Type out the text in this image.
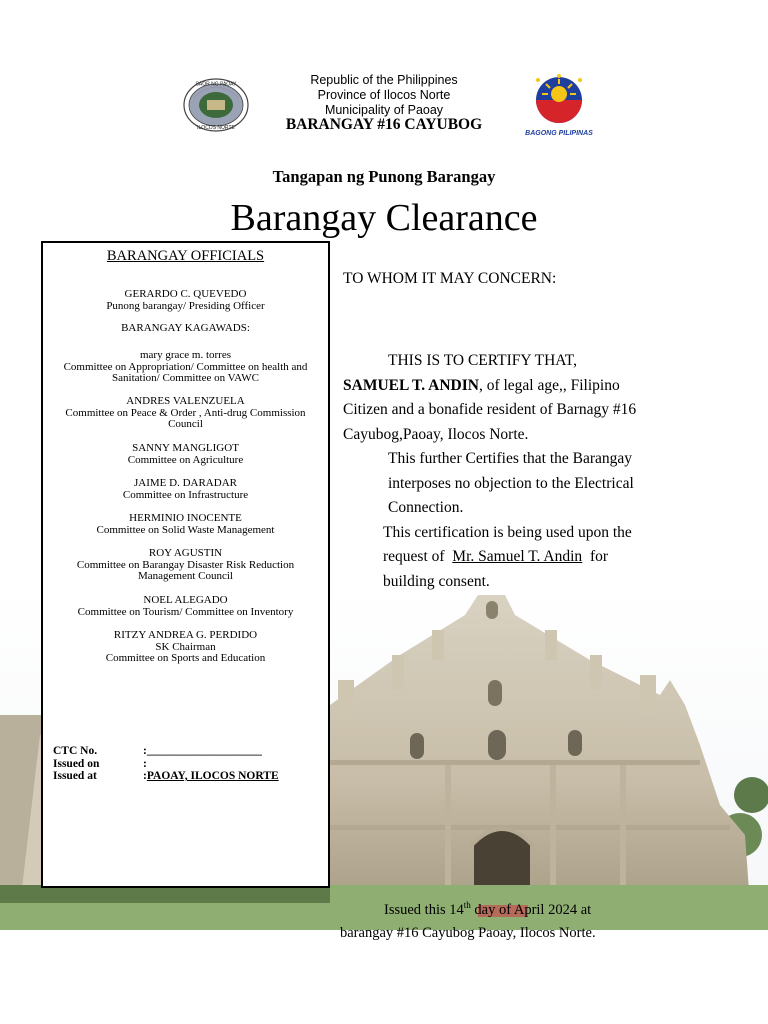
SAOR NG PAOAY
ILOCOS NORTE
BAGONG PILIPINAS
Republic of the Philippines
Province of Ilocos Norte
Municipality of Paoay
BARANGAY #16 CAYUBOG
Tangapan ng Punong Barangay
Barangay Clearance
BARANGAY OFFICIALS
GERARDO C. QUEVEDO
Punong barangay/ Presiding Officer
BARANGAY KAGAWADS:
mary grace m. torres
Committee on Appropriation/ Committee on health and Sanitation/ Committee on VAWC
ANDRES VALENZUELA
Committee on Peace & Order , Anti-drug Commission Council
SANNY MANGLIGOT
Committee on Agriculture
JAIME D. DARADAR
Committee on Infrastructure
HERMINIO INOCENTE
Committee on Solid Waste Management
ROY AGUSTIN
Committee on Barangay Disaster Risk Reduction Management Council
NOEL ALEGADO
Committee on Tourism/ Committee on Inventory
RITZY ANDREA G. PERDIDO
SK Chairman
Committee on Sports and Education
CTC No.	:____________________
Issued on	:
Issued at	: PAOAY, ILOCOS NORTE
TO WHOM IT MAY CONCERN:

THIS IS TO CERTIFY THAT,

SAMUEL T. ANDIN, of legal age,, Filipino Citizen and a bonafide resident of Barnagy #16 Cayubog,Paoay, Ilocos Norte.

This further Certifies that the Barangay interposes no objection to the Electrical Connection.

This certification is being used upon the request of Mr. Samuel T. Andin for building consent.

Issued this 14th day of April 2024 at
barangay #16 Cayubog Paoay, Ilocos Norte.
